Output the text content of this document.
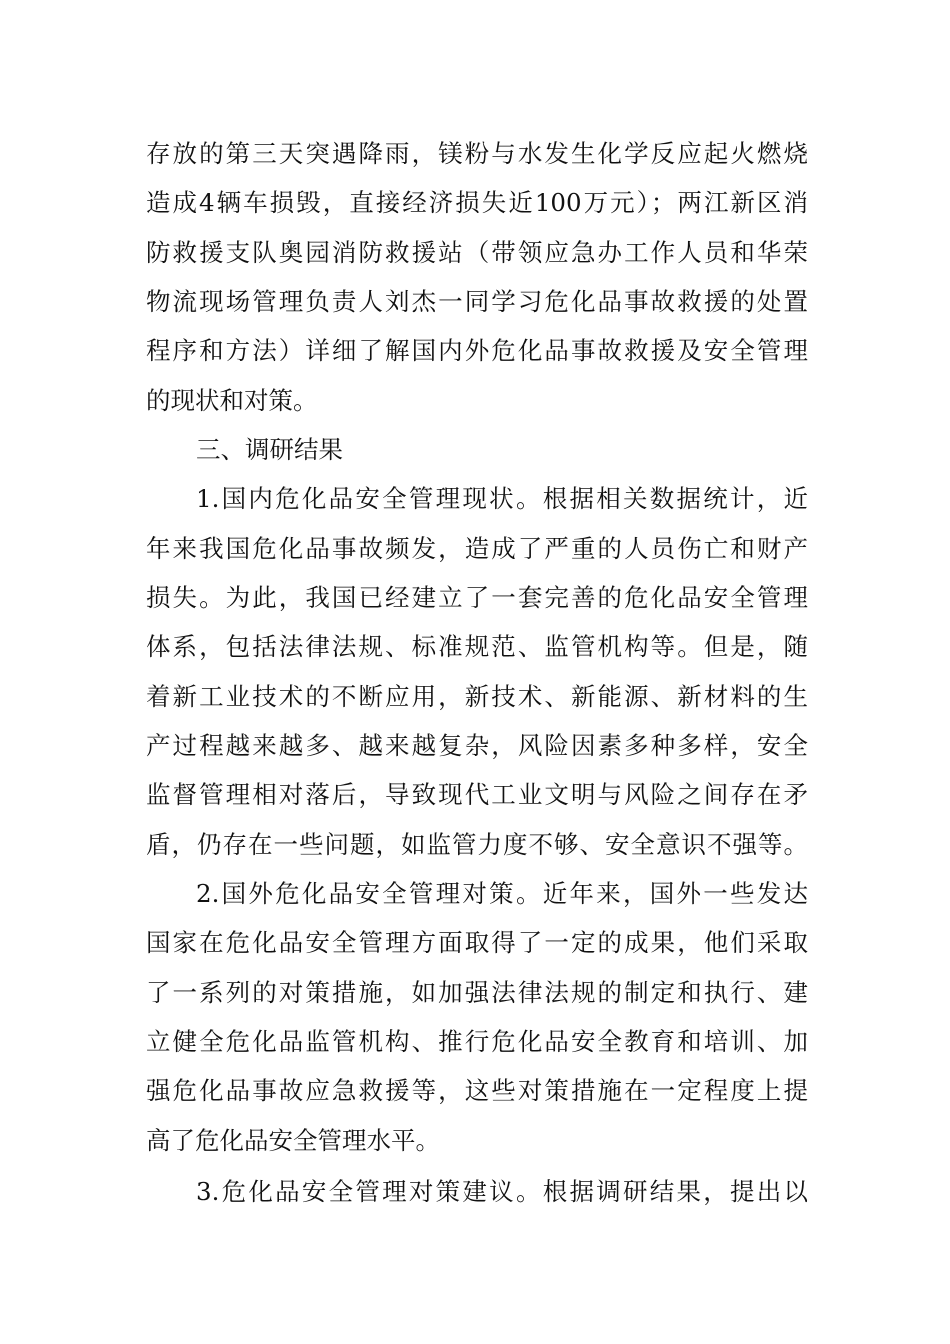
存放的第三天突遇降雨，镁粉与水发生化学反应起火燃烧
造成4辆车损毁，直接经济损失近100万元）；两江新区消
防救援支队奥园消防救援站（带领应急办工作人员和华荣
物流现场管理负责人刘杰一同学习危化品事故救援的处置
程序和方法）详细了解国内外危化品事故救援及安全管理
的现状和对策。
三、调研结果
1.国内危化品安全管理现状。根据相关数据统计，近
年来我国危化品事故频发，造成了严重的人员伤亡和财产
损失。为此，我国已经建立了一套完善的危化品安全管理
体系，包括法律法规、标准规范、监管机构等。但是，随
着新工业技术的不断应用，新技术、新能源、新材料的生
产过程越来越多、越来越复杂，风险因素多种多样，安全
监督管理相对落后，导致现代工业文明与风险之间存在矛
盾，仍存在一些问题，如监管力度不够、安全意识不强等。
2.国外危化品安全管理对策。近年来，国外一些发达
国家在危化品安全管理方面取得了一定的成果，他们采取
了一系列的对策措施，如加强法律法规的制定和执行、建
立健全危化品监管机构、推行危化品安全教育和培训、加
强危化品事故应急救援等，这些对策措施在一定程度上提
高了危化品安全管理水平。
3.危化品安全管理对策建议。根据调研结果，提出以
